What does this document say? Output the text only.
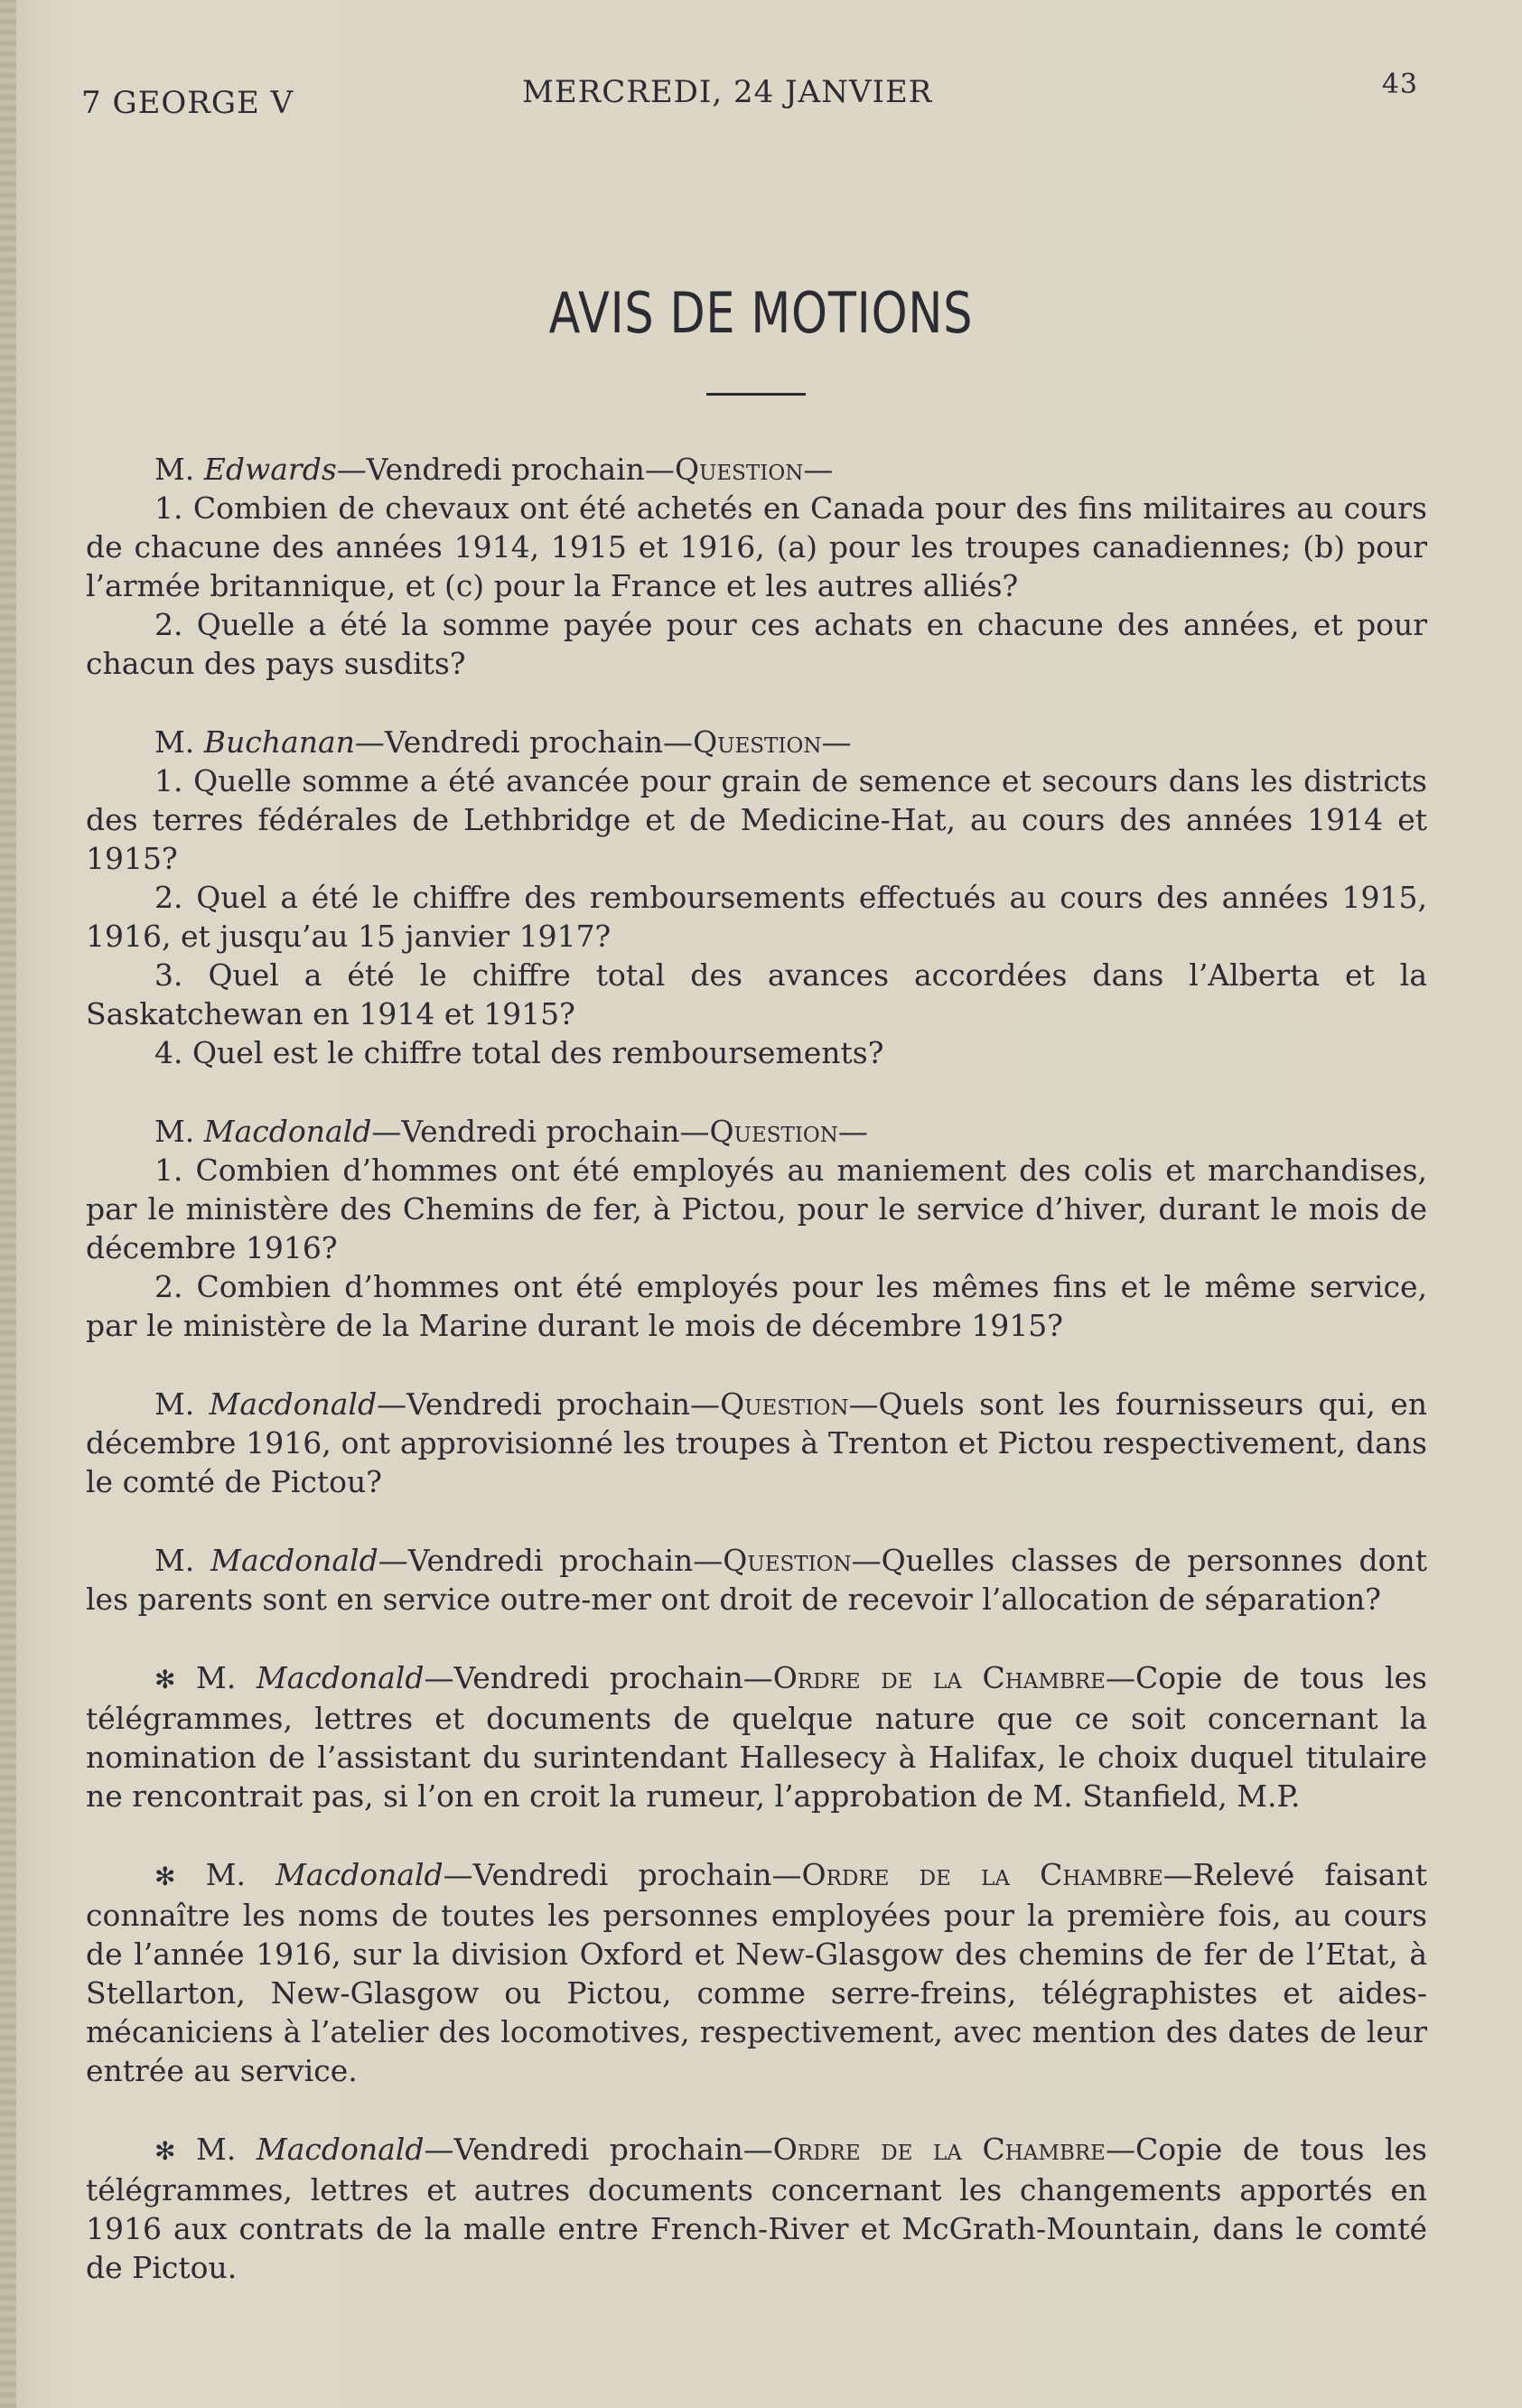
7 GEORGE V	MERCREDI, 24 JANVIER	43
AVIS DE MOTIONS

M. Edwards—Vendredi prochain—Question—

1. Combien de chevaux ont été achetés en Canada pour des fins militaires au cours de chacune des années 1914, 1915 et 1916, (a) pour les troupes canadiennes; (b) pour l’armée britannique, et (c) pour la France et les autres alliés?

2. Quelle a été la somme payée pour ces achats en chacune des années, et pour chacun des pays susdits?

M. Buchanan—Vendredi prochain—Question—

1. Quelle somme a été avancée pour grain de semence et secours dans les districts des terres fédérales de Lethbridge et de Medicine-Hat, au cours des années 1914 et 1915?

2. Quel a été le chiffre des remboursements effectués au cours des années 1915, 1916, et jusqu’au 15 janvier 1917?

3. Quel a été le chiffre total des avances accordées dans l’Alberta et la Saskatchewan en 1914 et 1915?

4. Quel est le chiffre total des remboursements?

M. Macdonald—Vendredi prochain—Question—

1. Combien d’hommes ont été employés au maniement des colis et marchandises, par le ministère des Chemins de fer, à Pictou, pour le service d’hiver, durant le mois de décembre 1916?

2. Combien d’hommes ont été employés pour les mêmes fins et le même service, par le ministère de la Marine durant le mois de décembre 1915?

M. Macdonald—Vendredi prochain—Question—Quels sont les fournisseurs qui, en décembre 1916, ont approvisionné les troupes à Trenton et Pictou respectivement, dans le comté de Pictou?

M. Macdonald—Vendredi prochain—Question—Quelles classes de personnes dont les parents sont en service outre-mer ont droit de recevoir l’allocation de séparation?

✻ M. Macdonald—Vendredi prochain—Ordre de la Chambre—Copie de tous les télégrammes, lettres et documents de quelque nature que ce soit concernant la nomination de l’assistant du surintendant Hallesecy à Halifax, le choix duquel titulaire ne rencontrait pas, si l’on en croit la rumeur, l’approbation de M. Stanfield, M.P.

✻ M. Macdonald—Vendredi prochain—Ordre de la Chambre—Relevé faisant connaître les noms de toutes les personnes employées pour la première fois, au cours de l’année 1916, sur la division Oxford et New-Glasgow des chemins de fer de l’Etat, à Stellarton, New-Glasgow ou Pictou, comme serre-freins, télégraphistes et aides-mécaniciens à l’atelier des locomotives, respectivement, avec mention des dates de leur entrée au service.

✻ M. Macdonald—Vendredi prochain—Ordre de la Chambre—Copie de tous les télégrammes, lettres et autres documents concernant les changements apportés en 1916 aux contrats de la malle entre French-River et McGrath-Mountain, dans le comté de Pictou.
